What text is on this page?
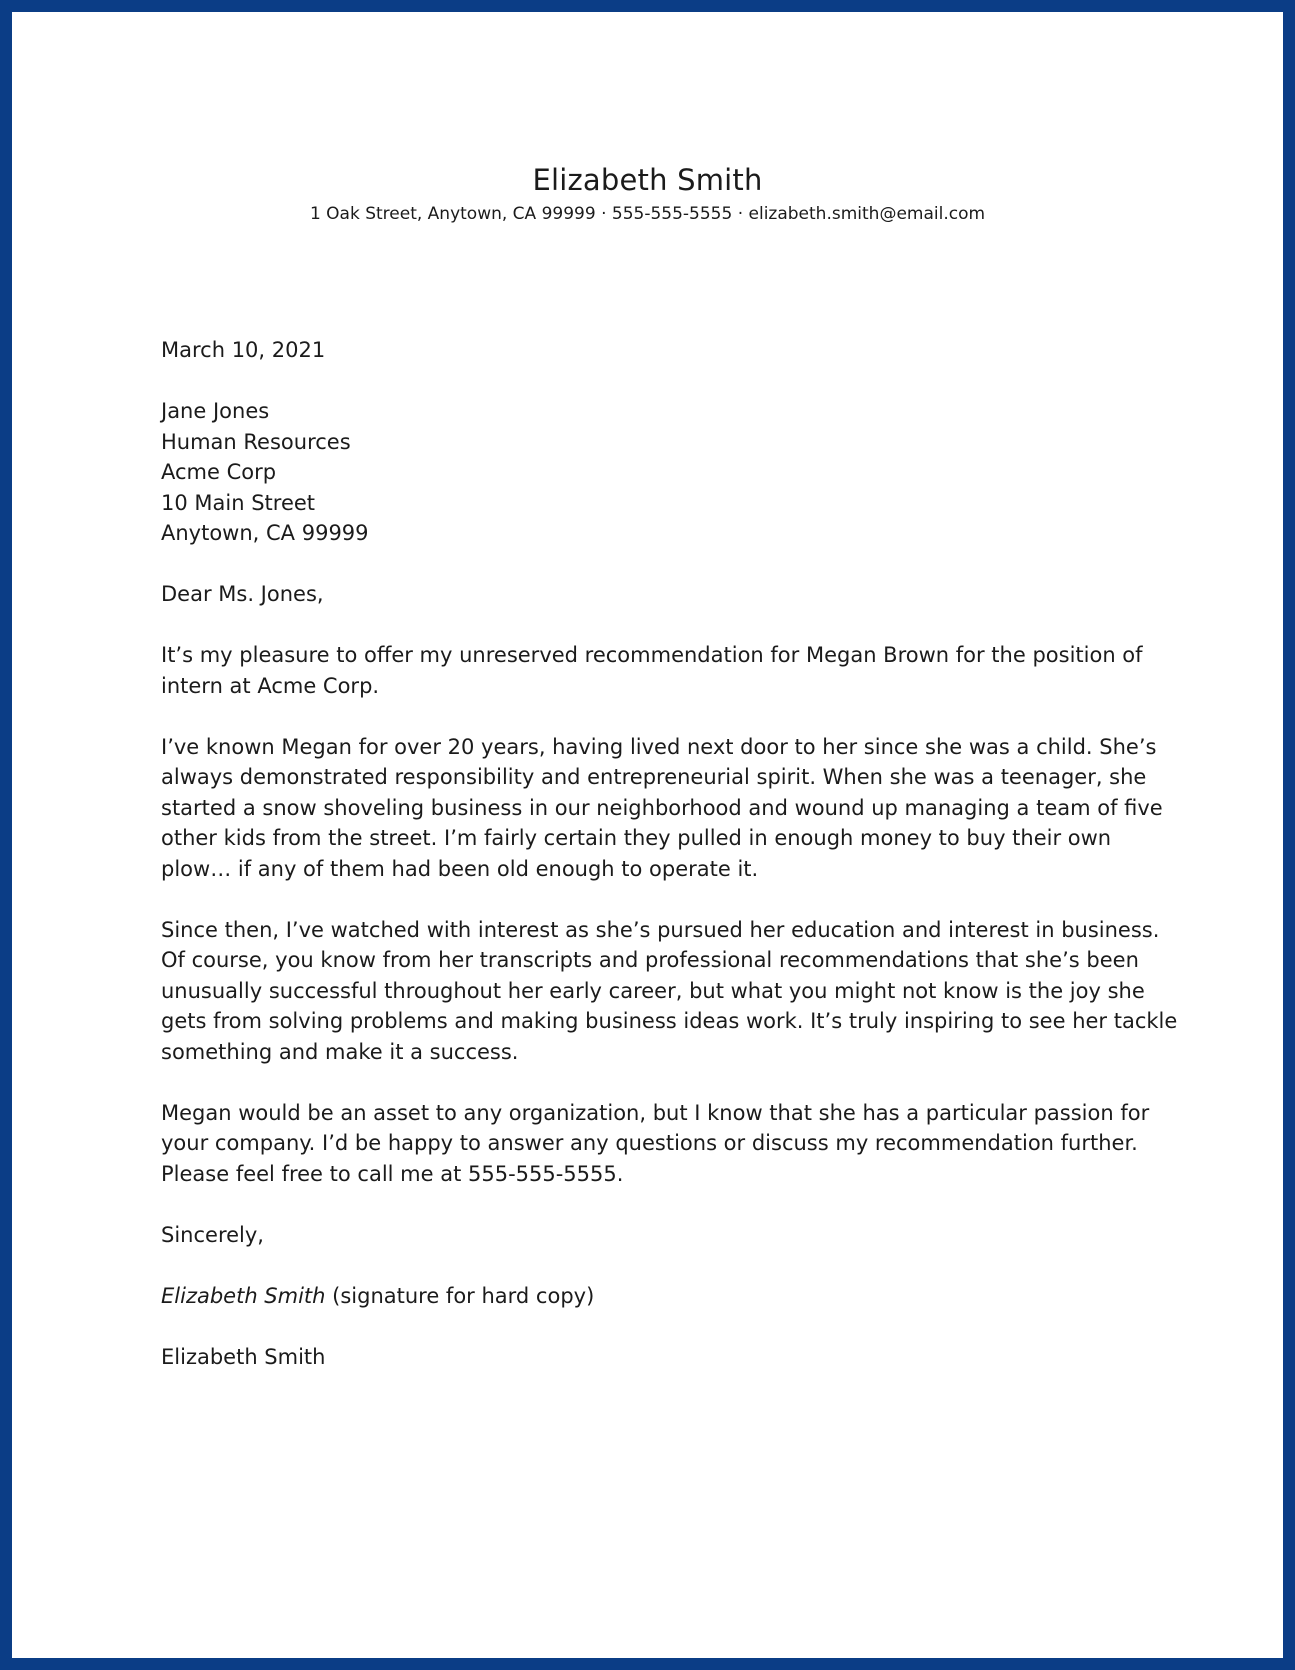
Elizabeth Smith
1 Oak Street, Anytown, CA 99999 · 555-555-5555 · elizabeth.smith@email.com
March 10, 2021
Jane Jones
Human Resources
Acme Corp
10 Main Street
Anytown, CA 99999
Dear Ms. Jones,
It’s my pleasure to offer my unreserved recommendation for Megan Brown for the position of
intern at Acme Corp.
I’ve known Megan for over 20 years, having lived next door to her since she was a child. She’s
always demonstrated responsibility and entrepreneurial spirit. When she was a teenager, she
started a snow shoveling business in our neighborhood and wound up managing a team of five
other kids from the street. I’m fairly certain they pulled in enough money to buy their own
plow… if any of them had been old enough to operate it.
Since then, I’ve watched with interest as she’s pursued her education and interest in business.
Of course, you know from her transcripts and professional recommendations that she’s been
unusually successful throughout her early career, but what you might not know is the joy she
gets from solving problems and making business ideas work. It’s truly inspiring to see her tackle
something and make it a success.
Megan would be an asset to any organization, but I know that she has a particular passion for
your company. I’d be happy to answer any questions or discuss my recommendation further.
Please feel free to call me at 555-555-5555.
Sincerely,
Elizabeth Smith (signature for hard copy)
Elizabeth Smith
